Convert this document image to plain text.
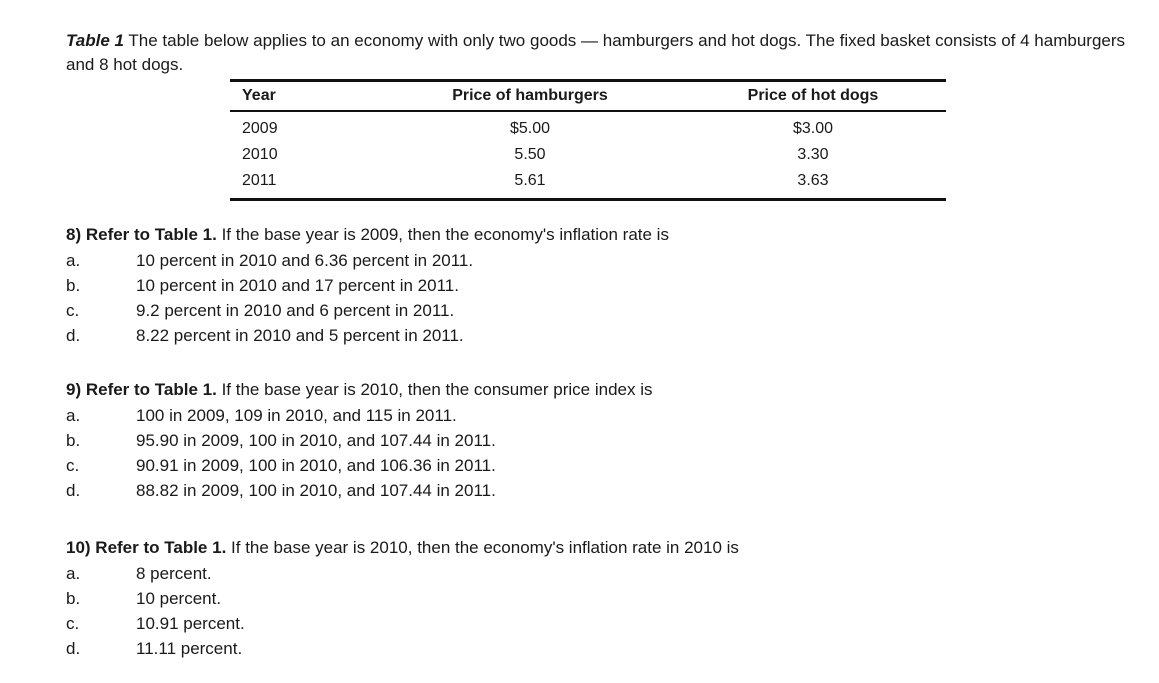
Table 1 The table below applies to an economy with only two goods — hamburgers and hot dogs. The fixed basket consists of 4 hamburgers and 8 hot dogs.
Year	Price of hamburgers	Price of hot dogs
2009	$5.00	$3.00
2010	5.50	3.30
2011	5.61	3.63
8) Refer to Table 1. If the base year is 2009, then the economy's inflation rate is
a.	10 percent in 2010 and 6.36 percent in 2011.
b.	10 percent in 2010 and 17 percent in 2011.
c.	9.2 percent in 2010 and 6 percent in 2011.
d.	8.22 percent in 2010 and 5 percent in 2011.
9) Refer to Table 1. If the base year is 2010, then the consumer price index is
a.	100 in 2009, 109 in 2010, and 115 in 2011.
b.	95.90 in 2009, 100 in 2010, and 107.44 in 2011.
c.	90.91 in 2009, 100 in 2010, and 106.36 in 2011.
d.	88.82 in 2009, 100 in 2010, and 107.44 in 2011.
10) Refer to Table 1. If the base year is 2010, then the economy's inflation rate in 2010 is
a.	8 percent.
b.	10 percent.
c.	10.91 percent.
d.	11.11 percent.
